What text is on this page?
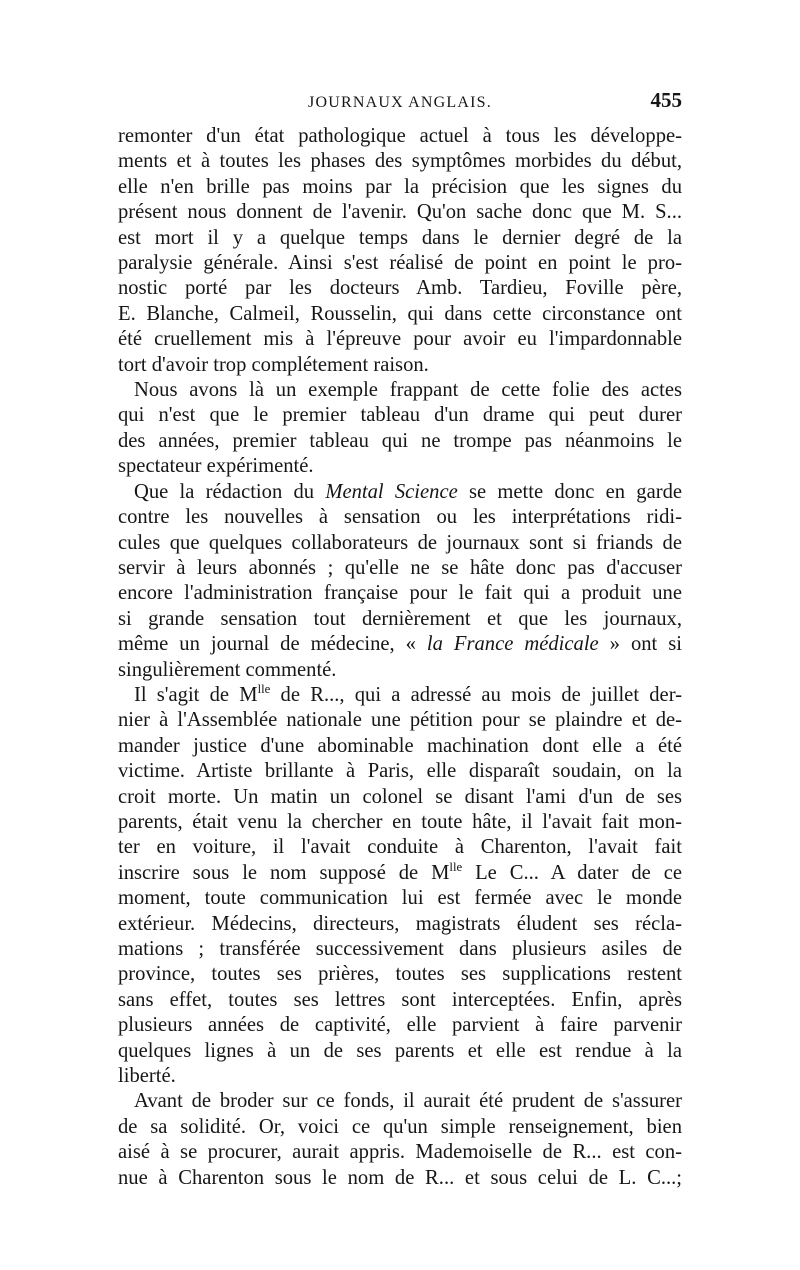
JOURNAUX ANGLAIS.	455
remonter d'un état pathologique actuel à tous les développe-
ments et à toutes les phases des symptômes morbides du début,
elle n'en brille pas moins par la précision que les signes du
présent nous donnent de l'avenir. Qu'on sache donc que M. S...
est mort il y a quelque temps dans le dernier degré de la
paralysie générale. Ainsi s'est réalisé de point en point le pro-
nostic porté par les docteurs Amb. Tardieu, Foville père,
E. Blanche, Calmeil, Rousselin, qui dans cette circonstance ont
été cruellement mis à l'épreuve pour avoir eu l'impardonnable
tort d'avoir trop complétement raison.
Nous avons là un exemple frappant de cette folie des actes
qui n'est que le premier tableau d'un drame qui peut durer
des années, premier tableau qui ne trompe pas néanmoins le
spectateur expérimenté.
Que la rédaction du Mental Science se mette donc en garde
contre les nouvelles à sensation ou les interprétations ridi-
cules que quelques collaborateurs de journaux sont si friands de
servir à leurs abonnés ; qu'elle ne se hâte donc pas d'accuser
encore l'administration française pour le fait qui a produit une
si grande sensation tout dernièrement et que les journaux,
même un journal de médecine, « la France médicale » ont si
singulièrement commenté.
Il s'agit de $M^{lle}$ de R..., qui a adressé au mois de juillet der-
nier à l'Assemblée nationale une pétition pour se plaindre et de-
mander justice d'une abominable machination dont elle a été
victime. Artiste brillante à Paris, elle disparaît soudain, on la
croit morte. Un matin un colonel se disant l'ami d'un de ses
parents, était venu la chercher en toute hâte, il l'avait fait mon-
ter en voiture, il l'avait conduite à Charenton, l'avait fait
inscrire sous le nom supposé de $M^{lle}$ Le C... A dater de ce
moment, toute communication lui est fermée avec le monde
extérieur. Médecins, directeurs, magistrats éludent ses récla-
mations ; transférée successivement dans plusieurs asiles de
province, toutes ses prières, toutes ses supplications restent
sans effet, toutes ses lettres sont interceptées. Enfin, après
plusieurs années de captivité, elle parvient à faire parvenir
quelques lignes à un de ses parents et elle est rendue à la
liberté.
Avant de broder sur ce fonds, il aurait été prudent de s'assurer
de sa solidité. Or, voici ce qu'un simple renseignement, bien
aisé à se procurer, aurait appris. Mademoiselle de R... est con-
nue à Charenton sous le nom de R... et sous celui de L. C...;
